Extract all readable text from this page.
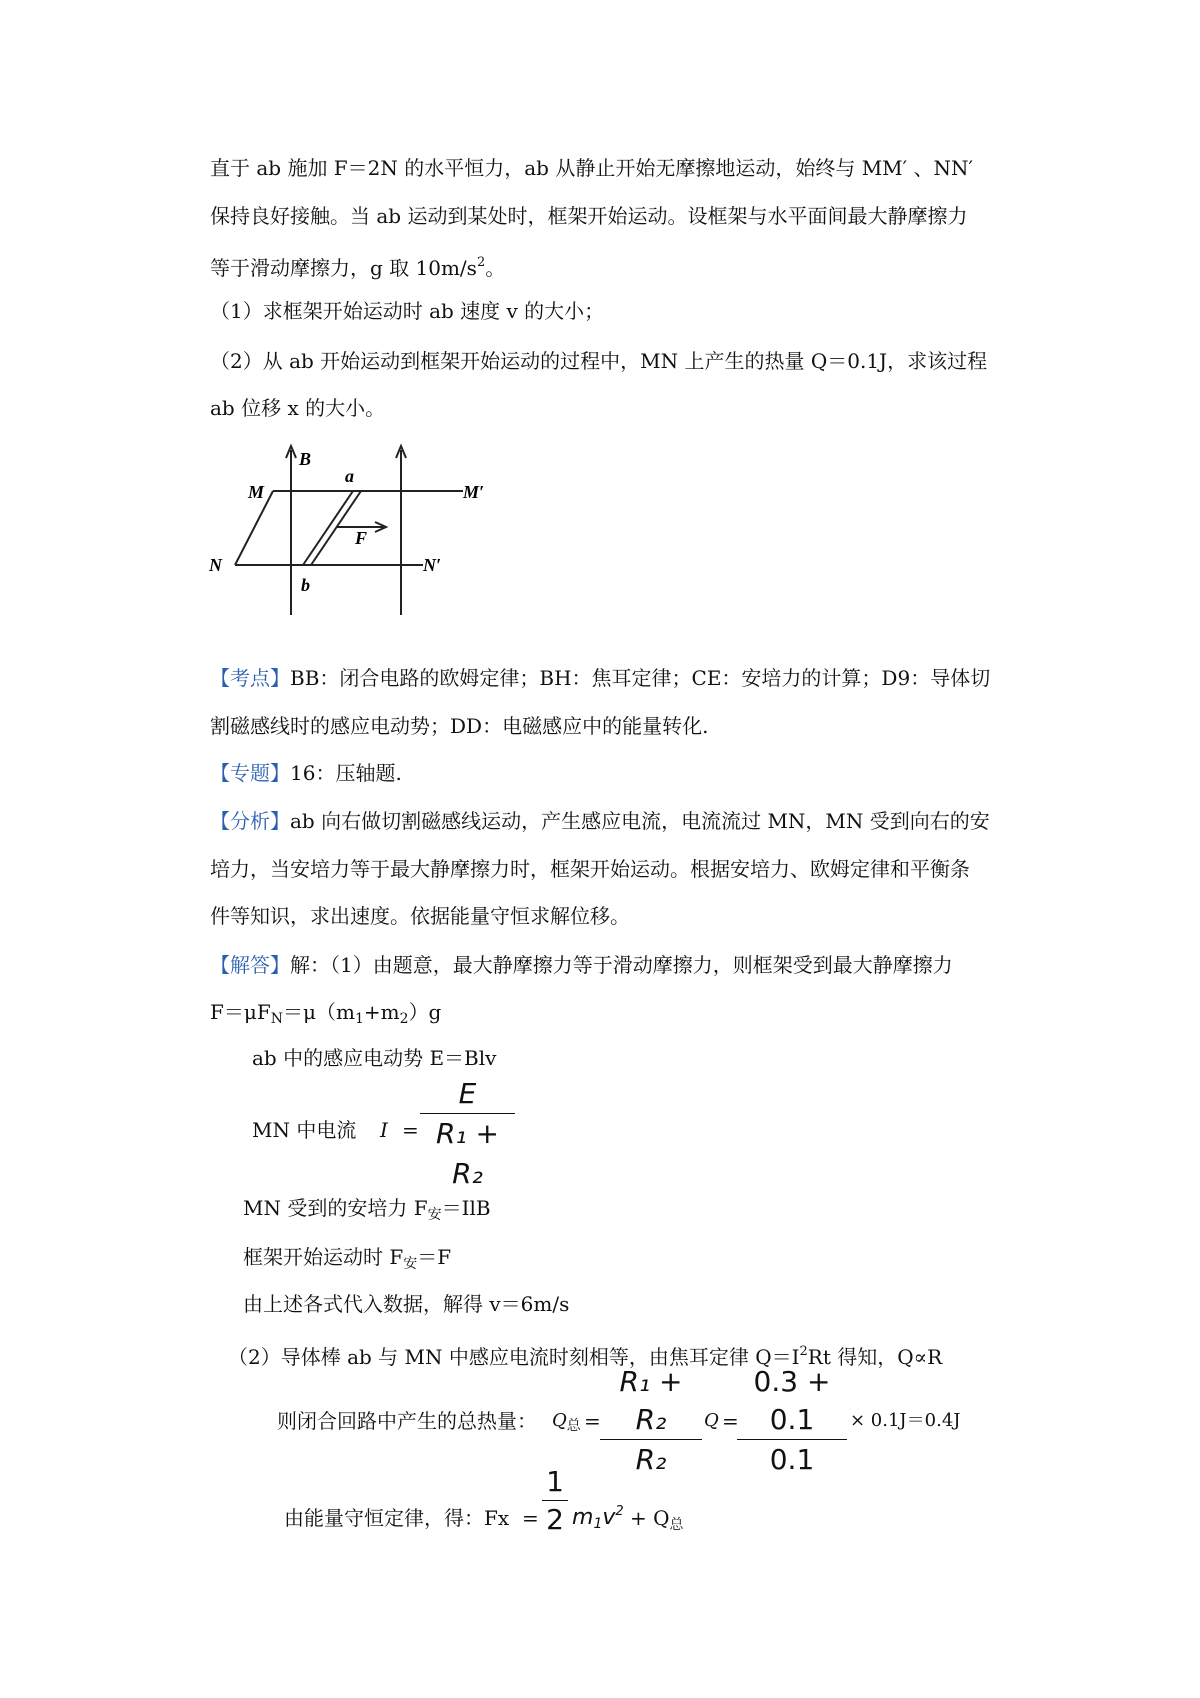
直于 ab 施加 F＝2N 的水平恒力，ab 从静止开始无摩擦地运动，始终与 MM′ 、NN′
保持良好接触。当 ab 运动到某处时，框架开始运动。设框架与水平面间最大静摩擦力
等于滑动摩擦力，g 取 $10m/s^2$。
（1）求框架开始运动时 ab 速度 v 的大小；
（2）从 ab 开始运动到框架开始运动的过程中，MN 上产生的热量 Q＝0.1J，求该过程
ab 位移 x 的大小。
B
M
a
M′
F
N	N′
b
【考点】BB：闭合电路的欧姆定律；BH：焦耳定律；CE：安培力的计算；D9：导体切
割磁感线时的感应电动势；DD：电磁感应中的能量转化.
【专题】16：压轴题.
【分析】ab 向右做切割磁感线运动，产生感应电流，电流流过 MN，MN 受到向右的安
培力，当安培力等于最大静摩擦力时，框架开始运动。根据安培力、欧姆定律和平衡条
件等知识，求出速度。依据能量守恒求解位移。
【解答】解：（1）由题意，最大静摩擦力等于滑动摩擦力，则框架受到最大静摩擦力
$F=\mu F_N=\mu(m_1+m_2)g$
ab 中的感应电动势 E＝Blv
MN 中电流 I =
E
R₁ + R₂
MN 受到的安培力 $F_安=IlB$
框架开始运动时 $F_安=F$
由上述各式代入数据，解得 v＝6m/s
（2）导体棒 ab 与 MN 中感应电流时刻相等，由焦耳定律 $Q=I^2Rt$ 得知，Q∝R
则闭合回路中产生的总热量： $Q_总$ =
R₁ + R₂
R₂
Q =
0.3 + 0.1
0.1
× 0.1J＝0.4J
由能量守恒定律，得：Fx =
1
2 $m_1v^2 + Q_总$
